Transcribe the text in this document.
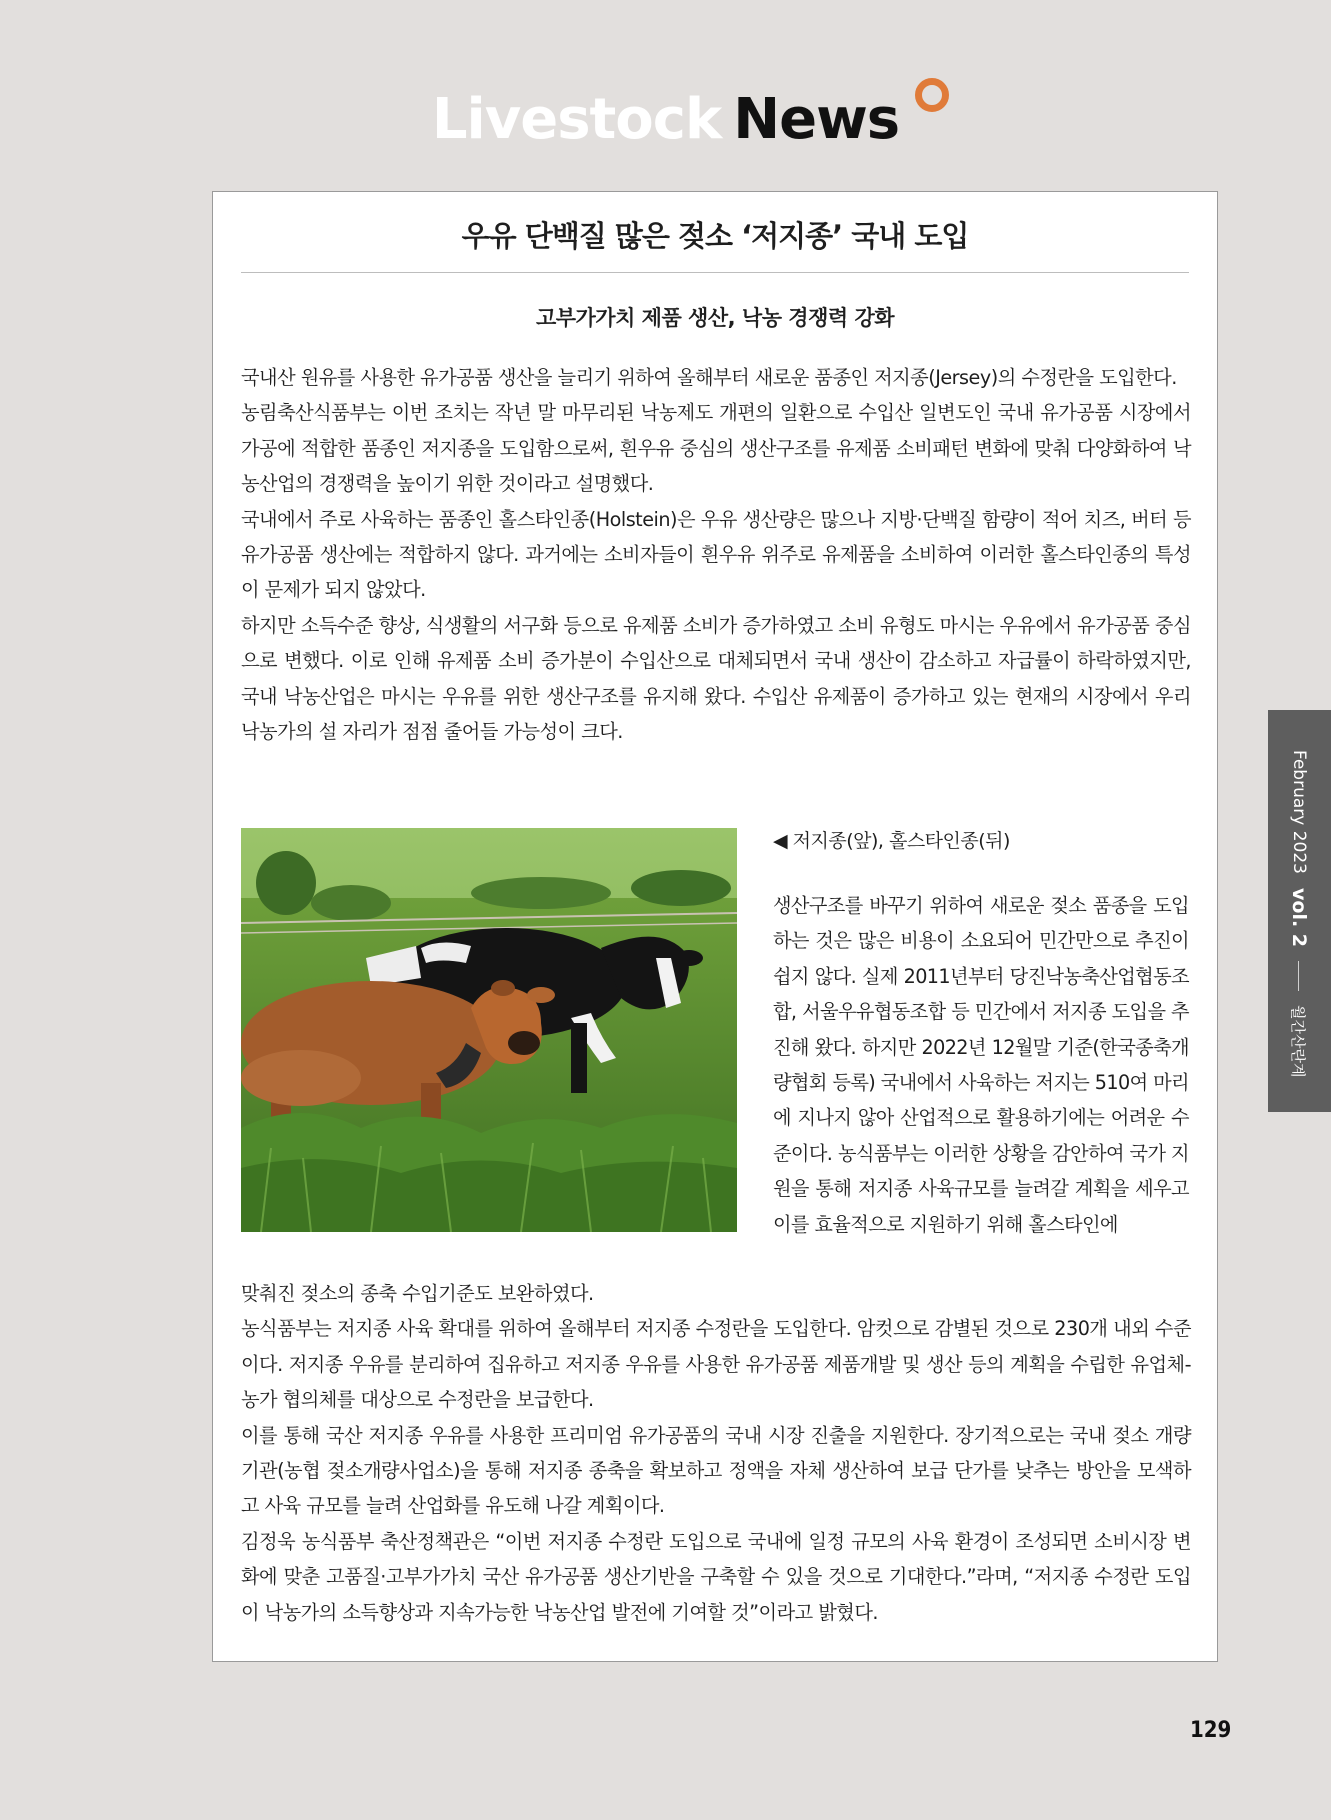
Livestock News
우유 단백질 많은 젖소 ‘저지종’ 국내 도입
고부가가치 제품 생산, 낙농 경쟁력 강화

국내산 원유를 사용한 유가공품 생산을 늘리기 위하여 올해부터 새로운 품종인 저지종(Jersey)의 수정란을 도입한다.
농림축산식품부는 이번 조치는 작년 말 마무리된 낙농제도 개편의 일환으로 수입산 일변도인 국내 유가공품 시장에서 가공에 적합한 품종인 저지종을 도입함으로써, 흰우유 중심의 생산구조를 유제품 소비패턴 변화에 맞춰 다양화하여 낙농산업의 경쟁력을 높이기 위한 것이라고 설명했다.
국내에서 주로 사육하는 품종인 홀스타인종(Holstein)은 우유 생산량은 많으나 지방·단백질 함량이 적어 치즈, 버터 등 유가공품 생산에는 적합하지 않다. 과거에는 소비자들이 흰우유 위주로 유제품을 소비하여 이러한 홀스타인종의 특성이 문제가 되지 않았다.
하지만 소득수준 향상, 식생활의 서구화 등으로 유제품 소비가 증가하였고 소비 유형도 마시는 우유에서 유가공품 중심으로 변했다. 이로 인해 유제품 소비 증가분이 수입산으로 대체되면서 국내 생산이 감소하고 자급률이 하락하였지만, 국내 낙농산업은 마시는 우유를 위한 생산구조를 유지해 왔다. 수입산 유제품이 증가하고 있는 현재의 시장에서 우리 낙농가의 설 자리가 점점 줄어들 가능성이 크다.

◀ 저지종(앞), 홀스타인종(뒤)

생산구조를 바꾸기 위하여 새로운 젖소 품종을 도입하는 것은 많은 비용이 소요되어 민간만으로 추진이 쉽지 않다. 실제 2011년부터 당진낙농축산업협동조합, 서울우유협동조합 등 민간에서 저지종 도입을 추진해 왔다. 하지만 2022년 12월말 기준(한국종축개량협회 등록) 국내에서 사육하는 저지는 510여 마리에 지나지 않아 산업적으로 활용하기에는 어려운 수준이다. 농식품부는 이러한 상황을 감안하여 국가 지원을 통해 저지종 사육규모를 늘려갈 계획을 세우고 이를 효율적으로 지원하기 위해 홀스타인에

맞춰진 젖소의 종축 수입기준도 보완하였다.
농식품부는 저지종 사육 확대를 위하여 올해부터 저지종 수정란을 도입한다. 암컷으로 감별된 것으로 230개 내외 수준이다. 저지종 우유를 분리하여 집유하고 저지종 우유를 사용한 유가공품 제품개발 및 생산 등의 계획을 수립한 유업체-농가 협의체를 대상으로 수정란을 보급한다.
이를 통해 국산 저지종 우유를 사용한 프리미엄 유가공품의 국내 시장 진출을 지원한다. 장기적으로는 국내 젖소 개량기관(농협 젖소개량사업소)을 통해 저지종 종축을 확보하고 정액을 자체 생산하여 보급 단가를 낮추는 방안을 모색하고 사육 규모를 늘려 산업화를 유도해 나갈 계획이다.
김정욱 농식품부 축산정책관은 “이번 저지종 수정란 도입으로 국내에 일정 규모의 사육 환경이 조성되면 소비시장 변화에 맞춘 고품질·고부가가치 국산 유가공품 생산기반을 구축할 수 있을 것으로 기대한다.”라며, “저지종 수정란 도입이 낙농가의 소득향상과 지속가능한 낙농산업 발전에 기여할 것”이라고 밝혔다.

February 2023
vol. 2
월간산란계

129
